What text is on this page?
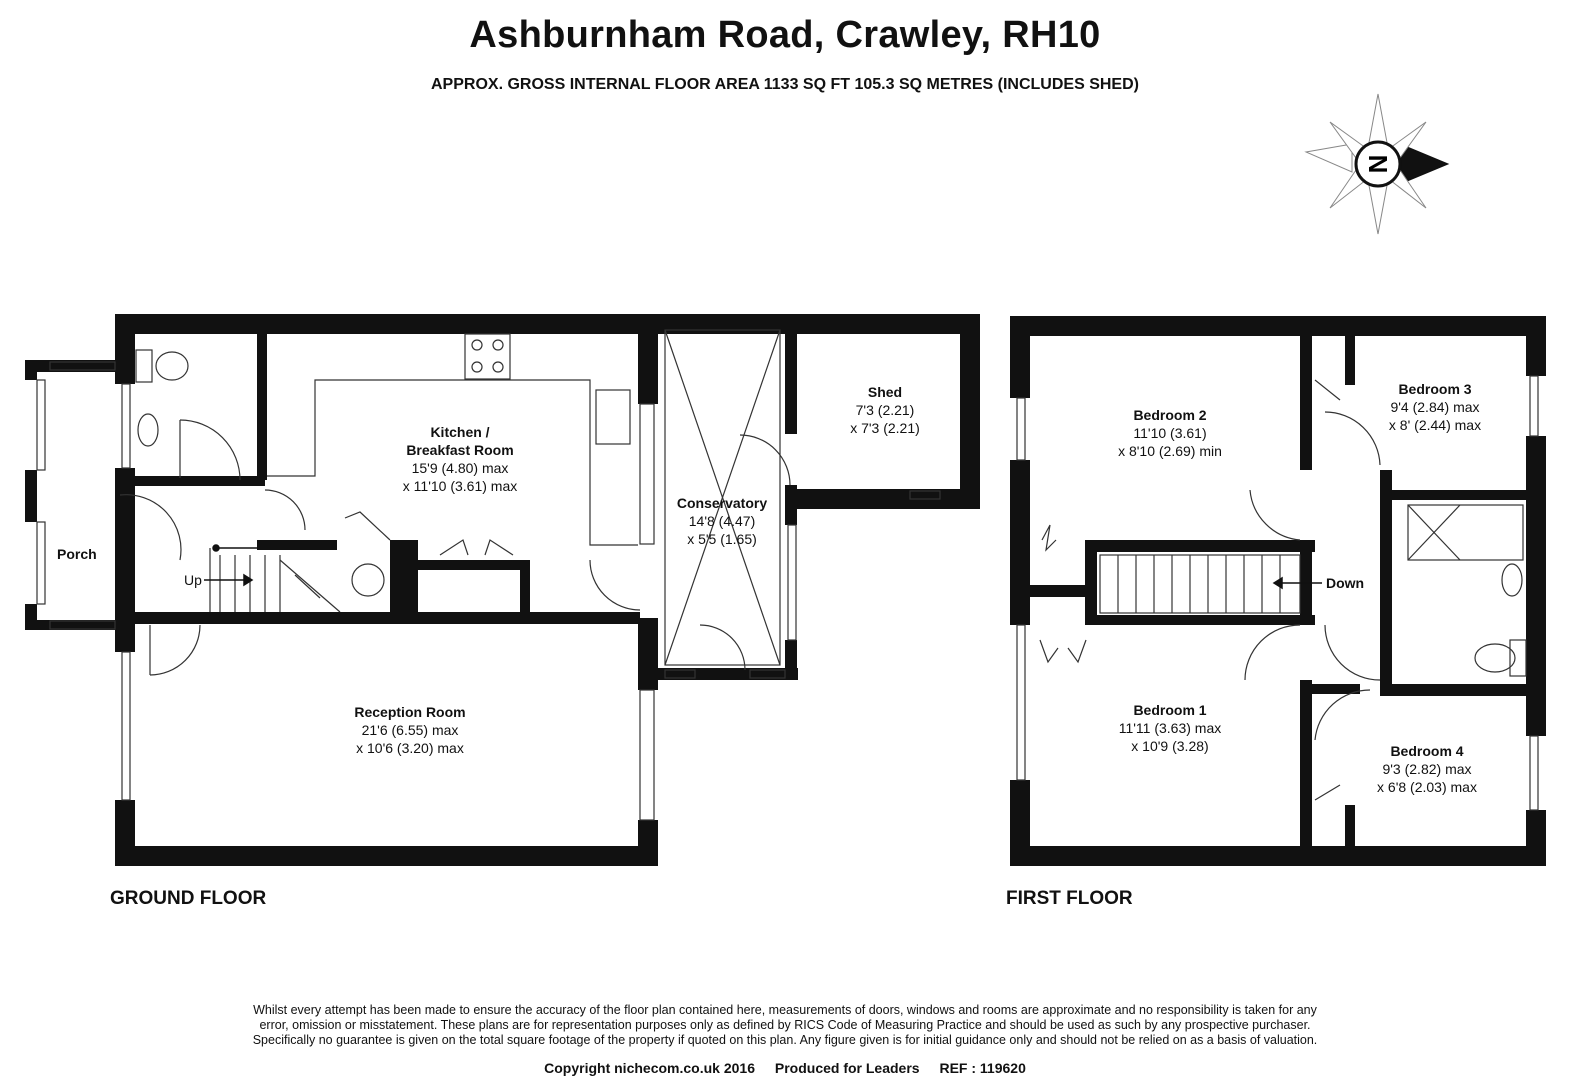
Ashburnham Road, Crawley, RH10
APPROX. GROSS INTERNAL FLOOR AREA 1133 SQ FT 105.3 SQ METRES (INCLUDES SHED)
N
Porch
Up
Kitchen /
Breakfast Room
15'9 (4.80) max
x 11'10 (3.61) max
Conservatory
14'8 (4.47)
x 5'5 (1.65)
Shed
7'3 (2.21)
x 7'3 (2.21)
Reception Room
21'6 (6.55) max
x 10'6 (3.20) max
Bedroom 2
11'10 (3.61)
x 8'10 (2.69) min
Bedroom 3
9'4 (2.84) max
x 8' (2.44) max
Down
Bedroom 1
11'11 (3.63) max
x 10'9 (3.28)	Bedroom 4
9'3 (2.82) max
x 6'8 (2.03) max
GROUND FLOOR	FIRST FLOOR
Whilst every attempt has been made to ensure the accuracy of the floor plan contained here, measurements of doors, windows and rooms are approximate and no responsibility is taken for any
error, omission or misstatement. These plans are for representation purposes only as defined by RICS Code of Measuring Practice and should be used as such by any prospective purchaser.
Specifically no guarantee is given on the total square footage of the property if quoted on this plan. Any figure given is for initial guidance only and should not be relied on as a basis of valuation.
Copyright nichecom.co.uk 2016 Produced for Leaders REF : 119620
